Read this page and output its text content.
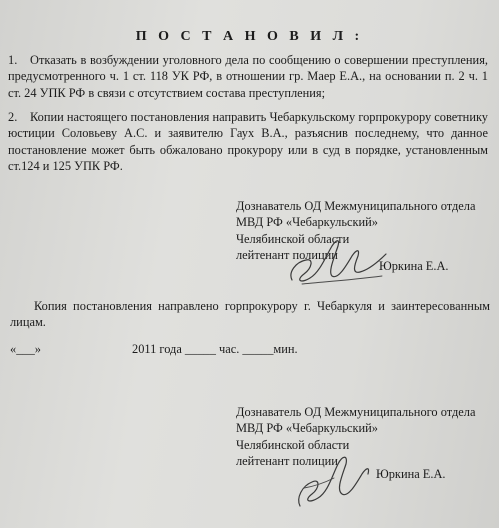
П О С Т А Н О В И Л :
1. Отказать в возбуждении уголовного дела по сообщению о совершении преступления, предусмотренного ч. 1 ст. 118 УК РФ, в отношении гр. Маер Е.А., на основании п. 2 ч. 1 ст. 24 УПК РФ в связи с отсутствием состава преступления;
2. Копии настоящего постановления направить Чебаркульскому горпрокурору советнику юстиции Соловьеву А.С. и заявителю Гаух В.А., разъяснив последнему, что данное постановление может быть обжаловано прокурору или в суд в порядке, установленным ст.124 и 125 УПК РФ.
Дознаватель ОД Межмуниципального отдела
МВД РФ «Чебаркульский»
Челябинской области
лейтенант полиции
Юркина Е.А.
Копия постановления направлено горпрокурору г. Чебаркуля и заинтересованным лицам.
«___»	2011 года _____ час. _____мин.
Дознаватель ОД Межмуниципального отдела
МВД РФ «Чебаркульский»
Челябинской области
лейтенант полиции
Юркина Е.А.
